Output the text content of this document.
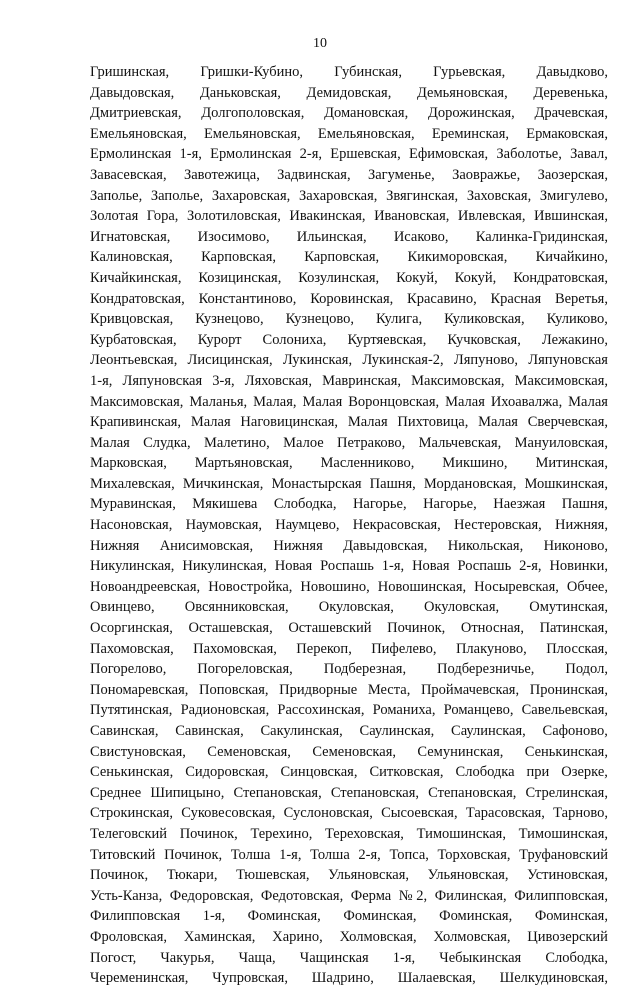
10
Гришинская, Гришки-Кубино, Губинская, Гурьевская, Давыдково,
Давыдовская, Даньковская, Демидовская, Демьяновская, Деревенька,
Дмитриевская, Долгополовская, Домановская, Дорожинская, Драчевская,
Емельяновская, Емельяновская, Емельяновская, Ереминская, Ермаковская,
Ермолинская 1-я, Ермолинская 2-я, Ершевская, Ефимовская, Заболотье, Завал,
Завасевская, Завотежица, Задвинская, Загуменье, Заовражье, Заозерская,
Заполье, Заполье, Захаровская, Захаровская, Звягинская, Заховская, Змигулево,
Золотая Гора, Золотиловская, Ивакинская, Ивановская, Ивлевская, Ившинская,
Игнатовская, Изосимово, Ильинская, Исаково, Калинка-Гридинская,
Калиновская, Карповская, Карповская, Кикиморовская, Кичайкино,
Кичайкинская, Козицинская, Козулинская, Кокуй, Кокуй, Кондратовская,
Кондратовская, Константиново, Коровинская, Красавино, Красная Веретья,
Кривцовская, Кузнецово, Кузнецово, Кулига, Куликовская, Куликово,
Курбатовская, Курорт Солониха, Куртяевская, Кучковская, Лежакино,
Леонтьевская, Лисицинская, Лукинская, Лукинская-2, Ляпуново, Ляпуновская
1-я, Ляпуновская 3-я, Ляховская, Мавринская, Максимовская, Максимовская,
Максимовская, Маланья, Малая, Малая Воронцовская, Малая Ихоавалжа, Малая
Крапивинская, Малая Наговицинская, Малая Пихтовица, Малая Сверчевская,
Малая Слудка, Малетино, Малое Петраково, Мальчевская, Мануиловская,
Марковская, Мартьяновская, Масленниково, Микшино, Митинская,
Михалевская, Мичкинская, Монастырская Пашня, Мордановская, Мошкинская,
Муравинская, Мякишева Слободка, Нагорье, Нагорье, Наезжая Пашня,
Насоновская, Наумовская, Наумцево, Некрасовская, Нестеровская, Нижняя,
Нижняя Анисимовская, Нижняя Давыдовская, Никольская, Никоново,
Никулинская, Никулинская, Новая Роспашь 1-я, Новая Роспашь 2-я, Новинки,
Новоандреевская, Новостройка, Новошино, Новошинская, Носыревская, Обчее,
Овинцево, Овсянниковская, Окуловская, Окуловская, Омутинская,
Осоргинская, Осташевская, Осташевский Починок, Относная, Патинская,
Пахомовская, Пахомовская, Перекоп, Пифелево, Плакуново, Плосская,
Погорелово, Погореловская, Подберезная, Подберезничье, Подол,
Пономаревская, Поповская, Придворные Места, Проймачевская, Пронинская,
Путятинская, Радионовская, Рассохинская, Романиха, Романцево, Савельевская,
Савинская, Савинская, Сакулинская, Саулинская, Саулинская, Сафоново,
Свистуновская, Семеновская, Семеновская, Семунинская, Сенькинская,
Сенькинская, Сидоровская, Синцовская, Ситковская, Слободка при Озерке,
Среднее Шипицыно, Степановская, Степановская, Степановская, Стрелинская,
Строкинская, Суковесовская, Суслоновская, Сысоевская, Тарасовская, Тарново,
Телеговский Починок, Терехино, Тереховская, Тимошинская, Тимошинская,
Титовский Починок, Толша 1-я, Толша 2-я, Топса, Торховская, Труфановский
Починок, Тюкари, Тюшевская, Ульяновская, Ульяновская, Устиновская,
Усть-Канза, Федоровская, Федотовская, Ферма № 2, Филинская, Филипповская,
Филипповская 1-я, Фоминская, Фоминская, Фоминская, Фоминская,
Фроловская, Хаминская, Харино, Холмовская, Холмовская, Цивозерский
Погост, Чакурья, Чаща, Чащинская 1-я, Чебыкинская Слободка,
Череменинская, Чупровская, Шадрино, Шалаевская, Шелкудиновская,
